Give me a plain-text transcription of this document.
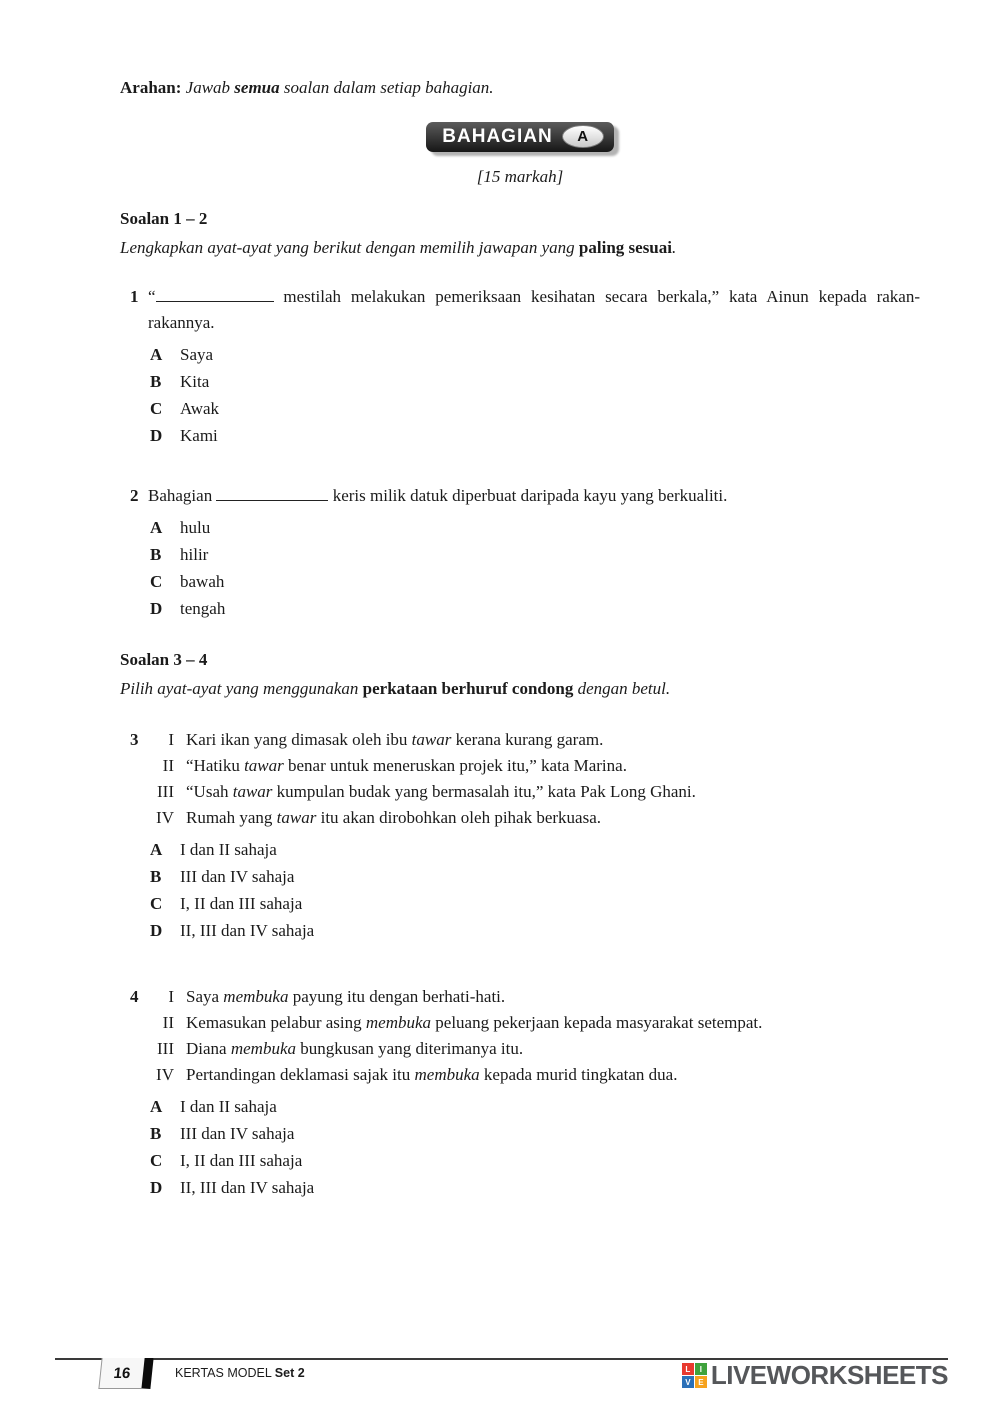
Arahan: Jawab semua soalan dalam setiap bahagian.
BAHAGIAN A
[15 markah]
Soalan 1 – 2
Lengkapkan ayat-ayat yang berikut dengan memilih jawapan yang paling sesuai.
1 “	mestilah melakukan pemeriksaan kesihatan secara berkala,” kata Ainun kepada rakan-rakannya.

A	Saya
B	Kita
C	Awak
D	Kami
2 Bahagian	keris milik datuk diperbuat daripada kayu yang berkualiti.

A	hulu
B	hilir
C	bawah
D	tengah
Soalan 3 – 4
Pilih ayat-ayat yang menggunakan perkataan berhuruf condong dengan betul.
3	I Kari ikan yang dimasak oleh ibu tawar kerana kurang garam.
II “Hatiku tawar benar untuk meneruskan projek itu,” kata Marina.
III “Usah tawar kumpulan budak yang bermasalah itu,” kata Pak Long Ghani.
IV Rumah yang tawar itu akan dirobohkan oleh pihak berkuasa.
A	I dan II sahaja
B	III dan IV sahaja
C	I, II dan III sahaja
D	II, III dan IV sahaja
4	I Saya membuka payung itu dengan berhati-hati.
II Kemasukan pelabur asing membuka peluang pekerjaan kepada masyarakat setempat.
III Diana membuka bungkusan yang diterimanya itu.
IV Pertandingan deklamasi sajak itu membuka kepada murid tingkatan dua.
A	I dan II sahaja
B	III dan IV sahaja
C	I, II dan III sahaja
D	II, III dan IV sahaja
16	KERTAS MODEL Set 2	L	I
V E LIVEWORKSHEETS
